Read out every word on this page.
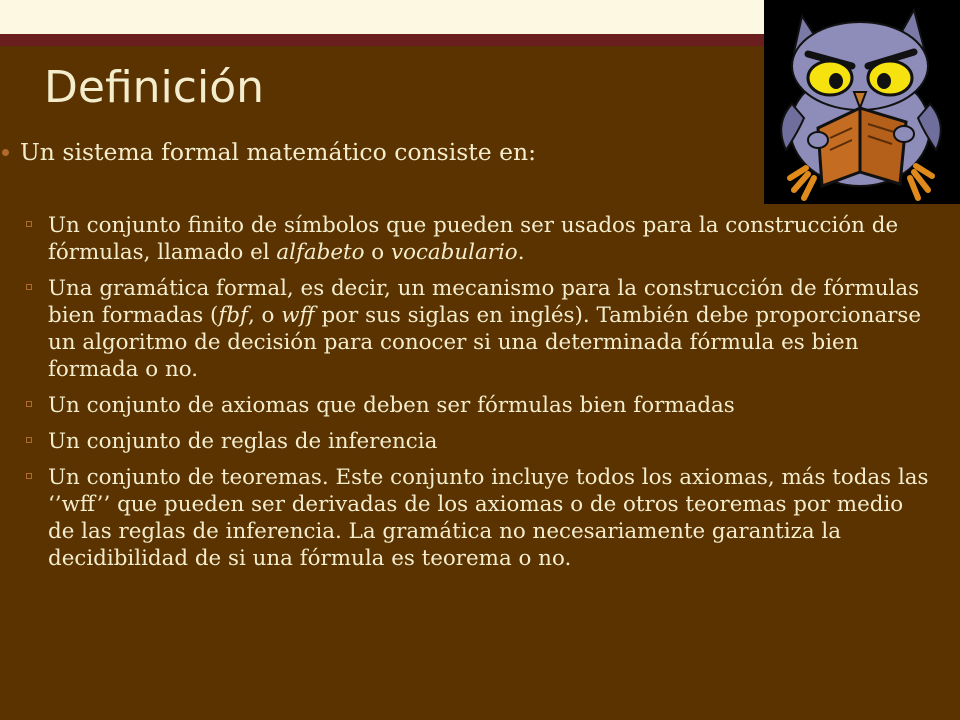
Definición
Un sistema formal matemático consiste en:
Un conjunto finito de símbolos que pueden ser usados para la construcción de fórmulas, llamado el alfabeto o vocabulario.
Una gramática formal, es decir, un mecanismo para la construcción de fórmulas bien formadas (fbf, o wff por sus siglas en inglés). También debe proporcionarse un algoritmo de decisión para conocer si una determinada fórmula es bien formada o no.
Un conjunto de axiomas que deben ser fórmulas bien formadas
Un conjunto de reglas de inferencia
Un conjunto de teoremas. Este conjunto incluye todos los axiomas, más todas las ‘’wff’’ que pueden ser derivadas de los axiomas o de otros teoremas por medio de las reglas de inferencia. La gramática no necesariamente garantiza la decidibilidad de si una fórmula es teorema o no.
